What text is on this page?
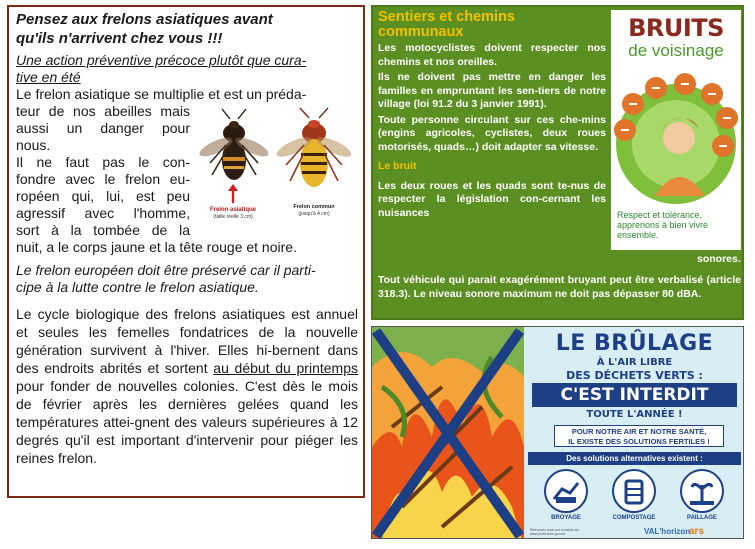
Pensez aux frelons asiatiques avant
qu'ils n'arrivent chez vous !!!
Une action préventive précoce plutôt que cura-
tive en été
Le frelon asiatique se multiplie et est un préda-
Frelon asiatique
(taille réelle 3 cm)
Frelon commun
(jusqu'à 4 cm)
teur de nos abeilles mais
aussi un danger pour
nous.
Il ne faut pas le con-
fondre avec le frelon eu-
ropéen qui, lui, est peu
agressif avec l'homme,
sort à la tombée de la
nuit, a le corps jaune et la tête rouge et noire.
Le frelon européen doit être préservé car il parti-
cipe à la lutte contre le frelon asiatique.

Le cycle biologique des frelons asiatiques est annuel et seules les femelles fondatrices de la nouvelle génération survivent à l'hiver. Elles hi-bernent dans des endroits abrités et sortent au début du printemps pour fonder de nouvelles colonies. C'est dès le mois de février après les dernières gelées quand les températures attei-gnent des valeurs supérieures à 12 degrés qu'il est important d'intervenir pour piéger les reines frelon.

Sentiers et chemins
communaux

Les motocyclistes doivent respecter nos chemins et nos oreilles.

Ils ne doivent pas mettre en danger les familles en empruntant les sen-tiers de notre village (loi 91.2 du 3 janvier 1991).

Toute personne circulant sur ces che-mins (engins agricoles, cyclistes, deux roues motorisés, quads…) doit adapter sa vitesse.

Le bruit

Les deux roues et les quads sont te-nus de respecter la législation con-cernant les nuisances

sonores.

Tout véhicule qui parait exagérément bruyant peut être verbalisé (article 318.3). Le niveau sonore maximum ne doit pas dépasser 80 dBA.

BRUITS
de voisinage
Respect et tolérance, apprenons à bien vivre ensemble.
LE BRÛLAGE
À L'AIR LIBRE
DES DÉCHETS VERTS :
C'EST INTERDIT
TOUTE L'ANNÉE !
POUR NOTRE AIR ET NOTRE SANTÉ,
IL EXISTE DES SOLUTIONS FERTILES !
Des solutions alternatives existent :
BROYAGE	COMPOSTAGE	PAILLAGE
Retrouvez tous vos conseils sur www.prefecture.gouv.fr	VAL'horizon
ars
